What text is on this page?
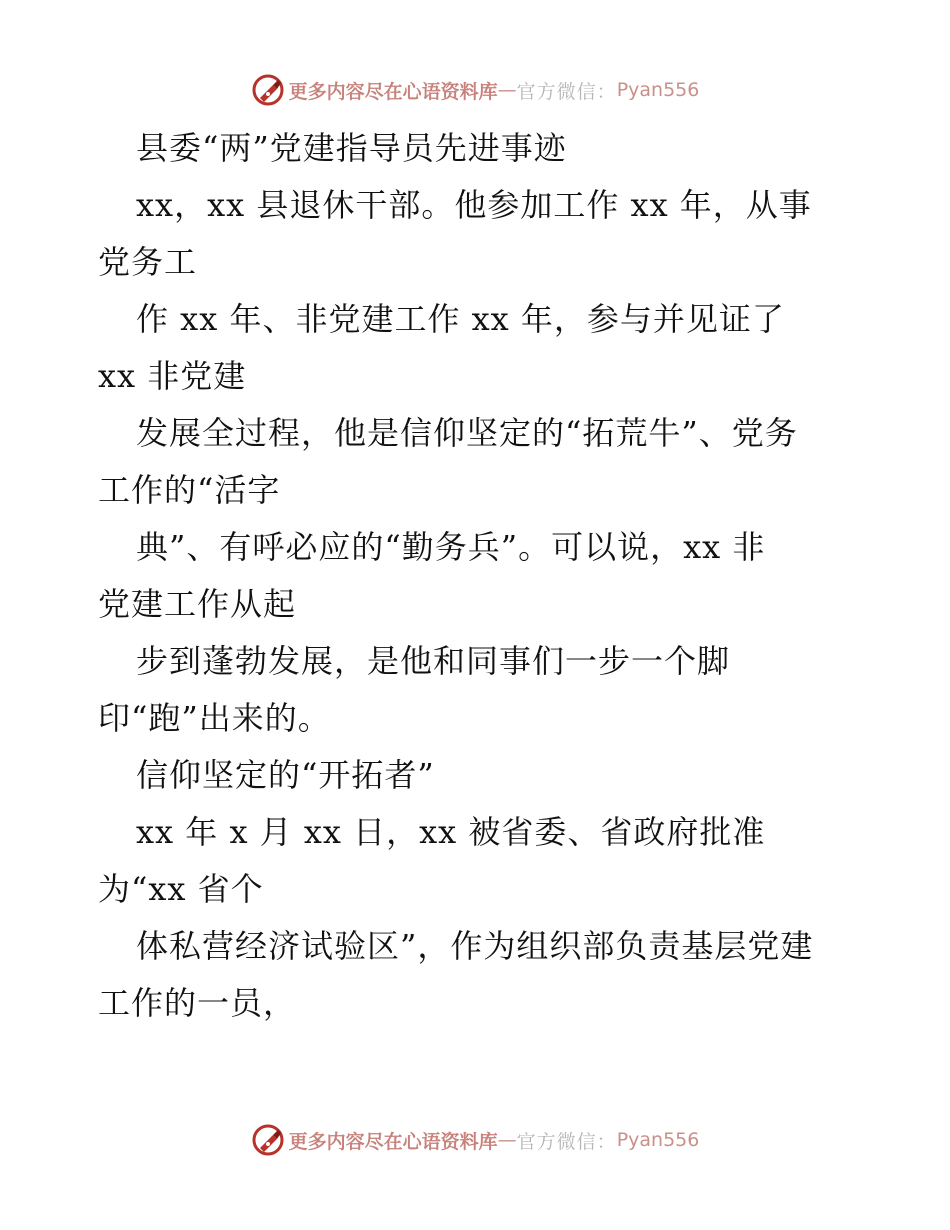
更多内容尽在心语资料库 — 官方微信： Pyan556
县委“两”党建指导员先进事迹
xx，xx 县退休干部。他参加工作 xx 年，从事
党务工
作 xx 年、非党建工作 xx 年，参与并见证了
xx 非党建
发展全过程，他是信仰坚定的“拓荒牛”、党务
工作的“活字
典”、有呼必应的“勤务兵”。可以说，xx 非
党建工作从起
步到蓬勃发展，是他和同事们一步一个脚
印“跑”出来的。
信仰坚定的“开拓者”
xx 年 x 月 xx 日，xx 被省委、省政府批准
为“xx 省个
体私营经济试验区”，作为组织部负责基层党建
工作的一员，
更多内容尽在心语资料库 — 官方微信： Pyan556
